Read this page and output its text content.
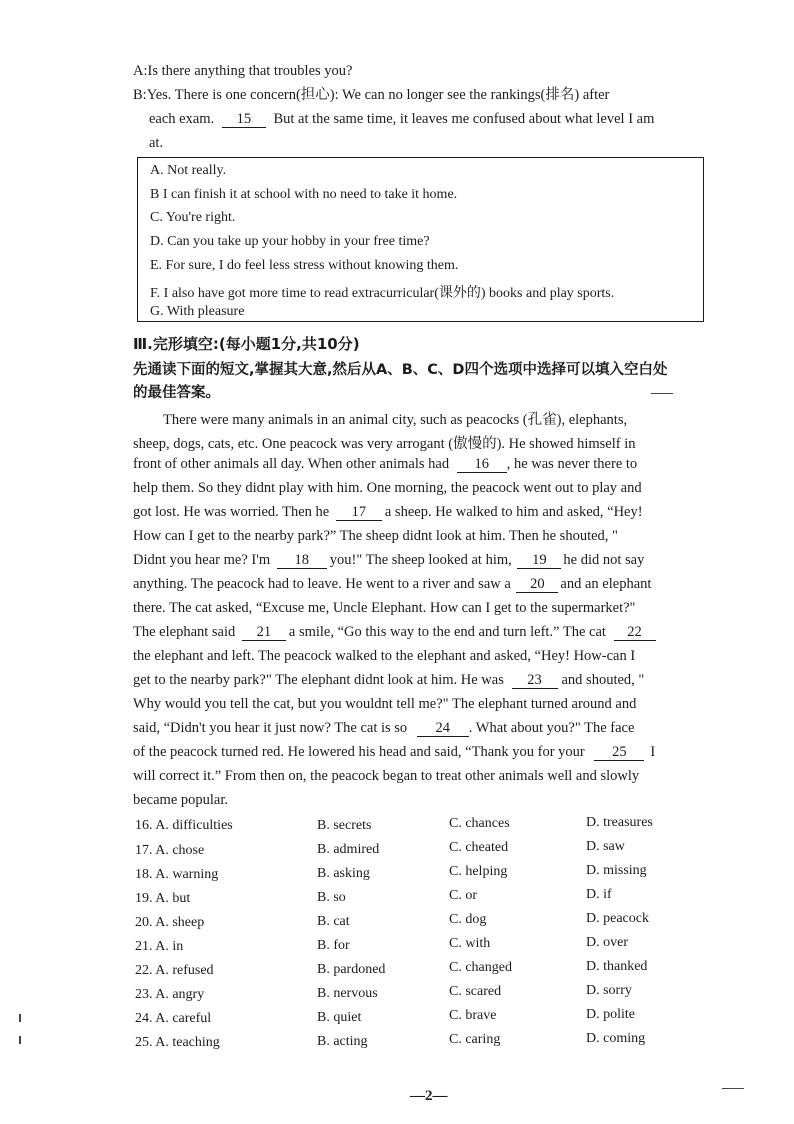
A:Is there anything that troubles you?
B:Yes. There is one concern(担心): We can no longer see the rankings(排名) after
each exam. 15 But at the same time, it leaves me confused about what level I am
at.
A. Not really.
B I can finish it at school with no need to take it home.
C. You're right.
D. Can you take up your hobby in your free time?
E. For sure, I do feel less stress without knowing them.
F. I also have got more time to read extracurricular(课外的) books and play sports.
G. With pleasure
Ⅲ.完形填空:(每小题1分,共10分)
先通读下面的短文,掌握其大意,然后从A、B、C、D四个选项中选择可以填入空白处
的最佳答案。
There were many animals in an animal city, such as peacocks (孔雀), elephants,
sheep, dogs, cats, etc. One peacock was very arrogant (傲慢的). He showed himself in
front of other animals all day. When other animals had 16 , he was never there to
help them. So they didnt play with him. One morning, the peacock went out to play and
got lost. He was worried. Then he 17 a sheep. He walked to him and asked, “Hey!
How can I get to the nearby park?” The sheep didnt look at him. Then he shouted, "
Didnt you hear me? I'm 18 you!" The sheep looked at him, 19 he did not say
anything. The peacock had to leave. He went to a river and saw a 20 and an elephant
there. The cat asked, “Excuse me, Uncle Elephant. How can I get to the supermarket?"
The elephant said 21 a smile, “Go this way to the end and turn left.” The cat 22
the elephant and left. The peacock walked to the elephant and asked, “Hey! How-can I
get to the nearby park?" The elephant didnt look at him. He was 23 and shouted, "
Why would you tell the cat, but you wouldnt tell me?" The elephant turned around and
said, “Didn't you hear it just now? The cat is so 24 . What about you?" The face
of the peacock turned red. He lowered his head and said, “Thank you for your 25 I
will correct it.” From then on, the peacock began to treat other animals well and slowly
became popular.
16. A. difficulties	B. secrets	C. chances	D. treasures
17. A. chose	B. admired	C. cheated	D. saw
18. A. warning	B. asking	C. helping	D. missing
19. A. but	B. so	C. or	D. if
20. A. sheep	B. cat	C. dog	D. peacock
21. A. in	B. for	C. with	D. over
22. A. refused	B. pardoned	C. changed	D. thanked
23. A. angry	B. nervous	C. scared	D. sorry
24. A. careful	B. quiet	C. brave	D. polite
25. A. teaching	B. acting	C. caring	D. coming
—2—
